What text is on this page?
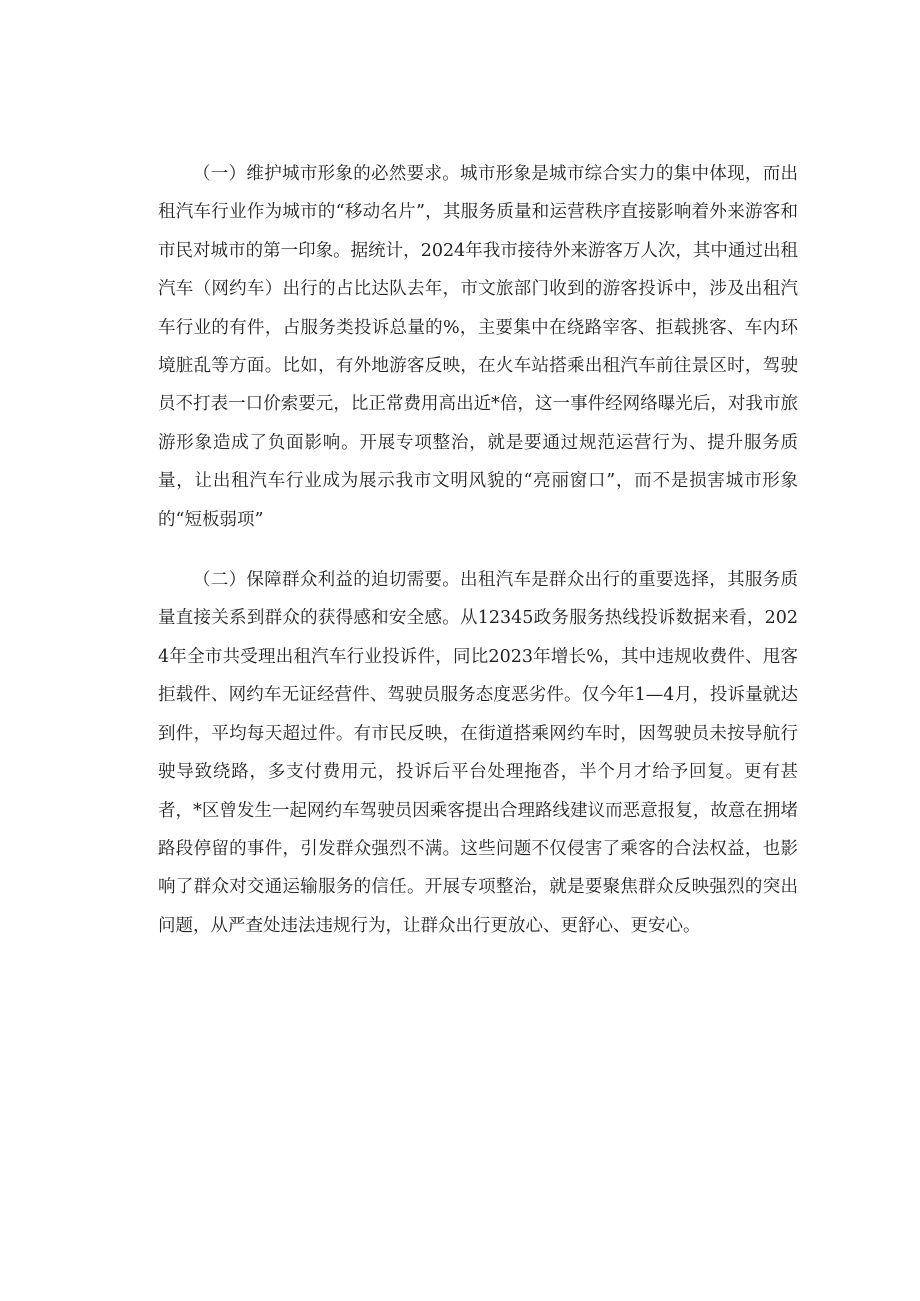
（一）维护城市形象的必然要求。城市形象是城市综合实力的集中体现，而出租汽车行业作为城市的“移动名片”，其服务质量和运营秩序直接影响着外来游客和市民对城市的第一印象。据统计，2024年我市接待外来游客万人次，其中通过出租汽车（网约车）出行的占比达队去年，市文旅部门收到的游客投诉中，涉及出租汽车行业的有件，占服务类投诉总量的%，主要集中在绕路宰客、拒载挑客、车内环境脏乱等方面。比如，有外地游客反映，在火车站搭乘出租汽车前往景区时，驾驶员不打表一口价索要元，比正常费用高出近*倍，这一事件经网络曝光后，对我市旅游形象造成了负面影响。开展专项整治，就是要通过规范运营行为、提升服务质量，让出租汽车行业成为展示我市文明风貌的“亮丽窗口”，而不是损害城市形象的“短板弱项”

（二）保障群众利益的迫切需要。出租汽车是群众出行的重要选择，其服务质量直接关系到群众的获得感和安全感。从12345政务服务热线投诉数据来看，2024年全市共受理出租汽车行业投诉件，同比2023年增长%，其中违规收费件、甩客拒载件、网约车无证经营件、驾驶员服务态度恶劣件。仅今年1—4月，投诉量就达到件，平均每天超过件。有市民反映，在街道搭乘网约车时，因驾驶员未按导航行驶导致绕路，多支付费用元，投诉后平台处理拖沓，半个月才给予回复。更有甚者，*区曾发生一起网约车驾驶员因乘客提出合理路线建议而恶意报复，故意在拥堵路段停留的事件，引发群众强烈不满。这些问题不仅侵害了乘客的合法权益，也影响了群众对交通运输服务的信任。开展专项整治，就是要聚焦群众反映强烈的突出问题，从严查处违法违规行为，让群众出行更放心、更舒心、更安心。
